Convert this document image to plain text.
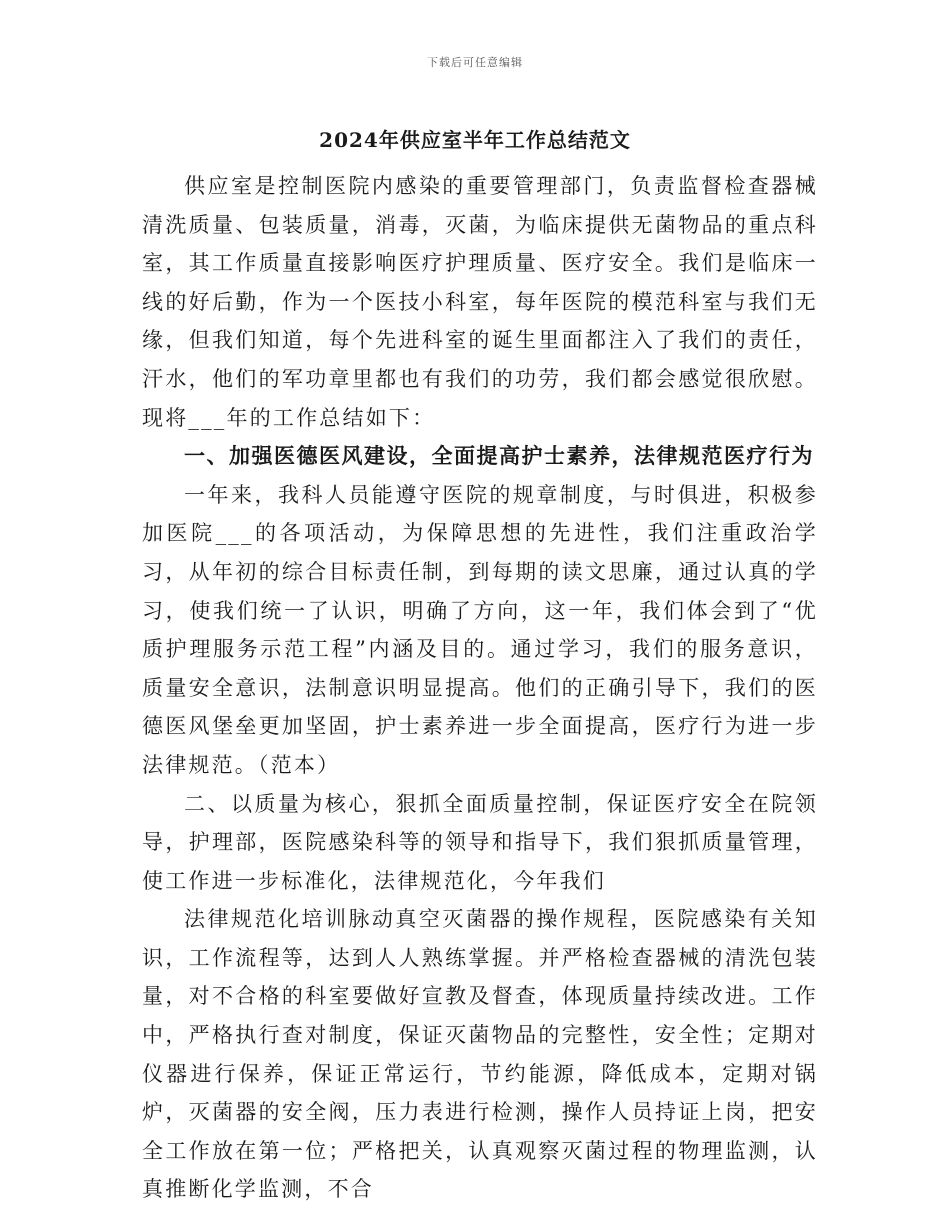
下载后可任意编辑
2024年供应室半年工作总结范文

供应室是控制医院内感染的重要管理部门，负责监督检查器械清洗质量、包装质量，消毒，灭菌，为临床提供无菌物品的重点科室，其工作质量直接影响医疗护理质量、医疗安全。我们是临床一线的好后勤，作为一个医技小科室，每年医院的模范科室与我们无缘，但我们知道，每个先进科室的诞生里面都注入了我们的责任，汗水，他们的军功章里都也有我们的功劳，我们都会感觉很欣慰。现将___年的工作总结如下：

一、加强医德医风建设，全面提高护士素养，法律规范医疗行为

一年来，我科人员能遵守医院的规章制度，与时俱进，积极参加医院___的各项活动，为保障思想的先进性，我们注重政治学习，从年初的综合目标责任制，到每期的读文思廉，通过认真的学习，使我们统一了认识，明确了方向，这一年，我们体会到了“优质护理服务示范工程”内涵及目的。通过学习，我们的服务意识，质量安全意识，法制意识明显提高。他们的正确引导下，我们的医德医风堡垒更加坚固，护士素养进一步全面提高，医疗行为进一步法律规范。（范本）

二、以质量为核心，狠抓全面质量控制，保证医疗安全在院领导，护理部，医院感染科等的领导和指导下，我们狠抓质量管理，使工作进一步标准化，法律规范化，今年我们

法律规范化培训脉动真空灭菌器的操作规程，医院感染有关知识，工作流程等，达到人人熟练掌握。并严格检查器械的清洗包装量，对不合格的科室要做好宣教及督查，体现质量持续改进。工作中，严格执行查对制度，保证灭菌物品的完整性，安全性；定期对仪器进行保养，保证正常运行，节约能源，降低成本，定期对锅炉，灭菌器的安全阀，压力表进行检测，操作人员持证上岗，把安全工作放在第一位；严格把关，认真观察灭菌过程的物理监测，认真推断化学监测，不合
